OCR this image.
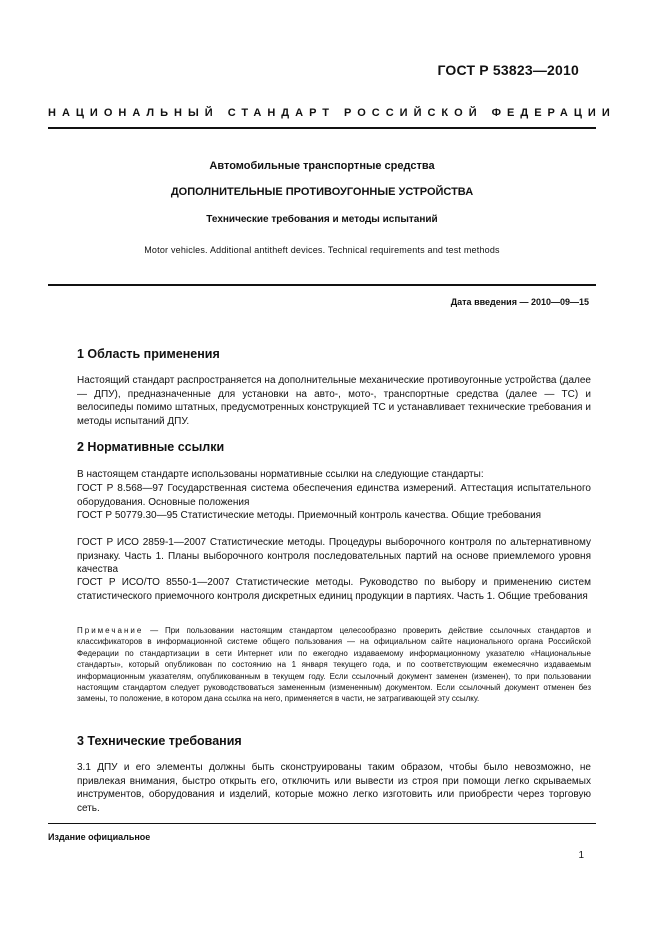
ГОСТ Р 53823—2010
НАЦИОНАЛЬНЫЙ СТАНДАРТ РОССИЙСКОЙ ФЕДЕРАЦИИ
Автомобильные транспортные средства
ДОПОЛНИТЕЛЬНЫЕ ПРОТИВОУГОННЫЕ УСТРОЙСТВА
Технические требования и методы испытаний
Motor vehicles. Additional antitheft devices. Technical requirements and test methods
Дата введения — 2010—09—15
1 Область применения

Настоящий стандарт распространяется на дополнительные механические противоугонные устройства (далее — ДПУ), предназначенные для установки на авто-, мото-, транспортные средства (далее — ТС) и велосипеды помимо штатных, предусмотренных конструкцией ТС и устанавливает технические требования и методы испытаний ДПУ.

2 Нормативные ссылки

В настоящем стандарте использованы нормативные ссылки на следующие стандарты:

ГОСТ Р 8.568—97 Государственная система обеспечения единства измерений. Аттестация испытательного оборудования. Основные положения

ГОСТ Р 50779.30—95 Статистические методы. Приемочный контроль качества. Общие требования

ГОСТ Р ИСО 2859-1—2007 Статистические методы. Процедуры выборочного контроля по альтернативному признаку. Часть 1. Планы выборочного контроля последовательных партий на основе приемлемого уровня качества

ГОСТ Р ИСО/ТО 8550-1—2007 Статистические методы. Руководство по выбору и применению систем статистического приемочного контроля дискретных единиц продукции в партиях. Часть 1. Общие требования

Примечание — При пользовании настоящим стандартом целесообразно проверить действие ссылочных стандартов и классификаторов в информационной системе общего пользования — на официальном сайте национального органа Российской Федерации по стандартизации в сети Интернет или по ежегодно издаваемому информационному указателю «Национальные стандарты», который опубликован по состоянию на 1 января текущего года, и по соответствующим ежемесячно издаваемым информационным указателям, опубликованным в текущем году. Если ссылочный документ заменен (изменен), то при пользовании настоящим стандартом следует руководствоваться замененным (измененным) документом. Если ссылочный документ отменен без замены, то положение, в котором дана ссылка на него, применяется в части, не затрагивающей эту ссылку.

3 Технические требования

3.1 ДПУ и его элементы должны быть сконструированы таким образом, чтобы было невозможно, не привлекая внимания, быстро открыть его, отключить или вывести из строя при помощи легко скрываемых инструментов, оборудования и изделий, которые можно легко изготовить или приобрести через торговую сеть.

Издание официальное
1
